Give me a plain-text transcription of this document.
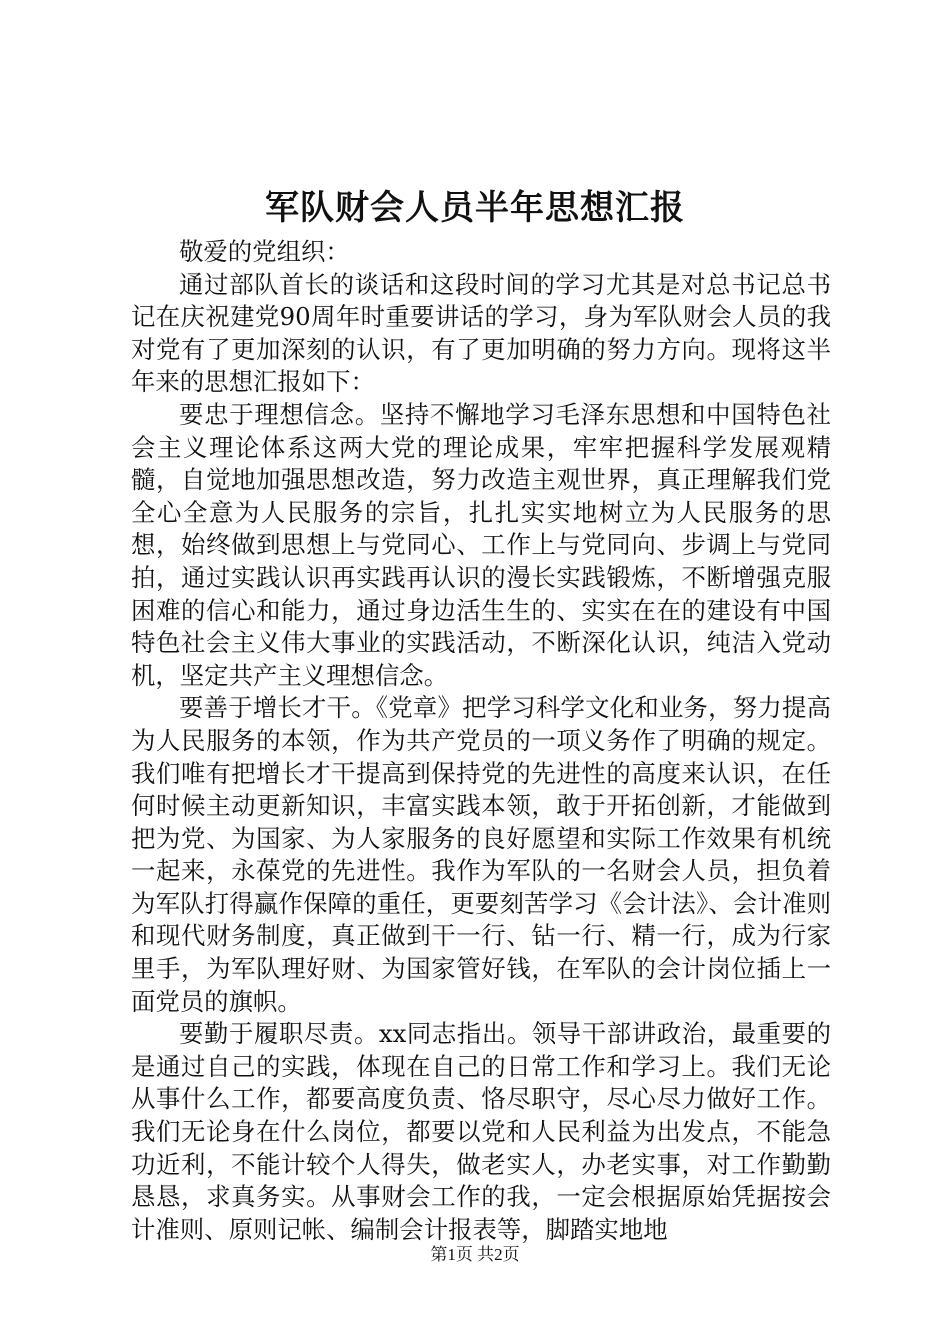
军队财会人员半年思想汇报

敬爱的党组织：

通过部队首长的谈话和这段时间的学习尤其是对总书记总书记在庆祝建党90周年时重要讲话的学习，身为军队财会人员的我对党有了更加深刻的认识，有了更加明确的努力方向。现将这半年来的思想汇报如下：

要忠于理想信念。坚持不懈地学习毛泽东思想和中国特色社会主义理论体系这两大党的理论成果，牢牢把握科学发展观精髓，自觉地加强思想改造，努力改造主观世界，真正理解我们党全心全意为人民服务的宗旨，扎扎实实地树立为人民服务的思想，始终做到思想上与党同心、工作上与党同向、步调上与党同拍，通过实践认识再实践再认识的漫长实践锻炼，不断增强克服困难的信心和能力，通过身边活生生的、实实在在的建设有中国特色社会主义伟大事业的实践活动，不断深化认识，纯洁入党动机，坚定共产主义理想信念。

要善于增长才干。《党章》把学习科学文化和业务，努力提高为人民服务的本领，作为共产党员的一项义务作了明确的规定。我们唯有把增长才干提高到保持党的先进性的高度来认识，在任何时候主动更新知识，丰富实践本领，敢于开拓创新，才能做到把为党、为国家、为人家服务的良好愿望和实际工作效果有机统一起来，永葆党的先进性。我作为军队的一名财会人员，担负着为军队打得赢作保障的重任，更要刻苦学习《会计法》、会计准则和现代财务制度，真正做到干一行、钻一行、精一行，成为行家里手，为军队理好财、为国家管好钱，在军队的会计岗位插上一面党员的旗帜。

要勤于履职尽责。xx同志指出。领导干部讲政治，最重要的是通过自己的实践，体现在自己的日常工作和学习上。我们无论从事什么工作，都要高度负责、恪尽职守，尽心尽力做好工作。我们无论身在什么岗位，都要以党和人民利益为出发点，不能急功近利，不能计较个人得失，做老实人，办老实事，对工作勤勤恳恳，求真务实。从事财会工作的我，一定会根据原始凭据按会计准则、原则记帐、编制会计报表等，脚踏实地地

第1页 共2页
